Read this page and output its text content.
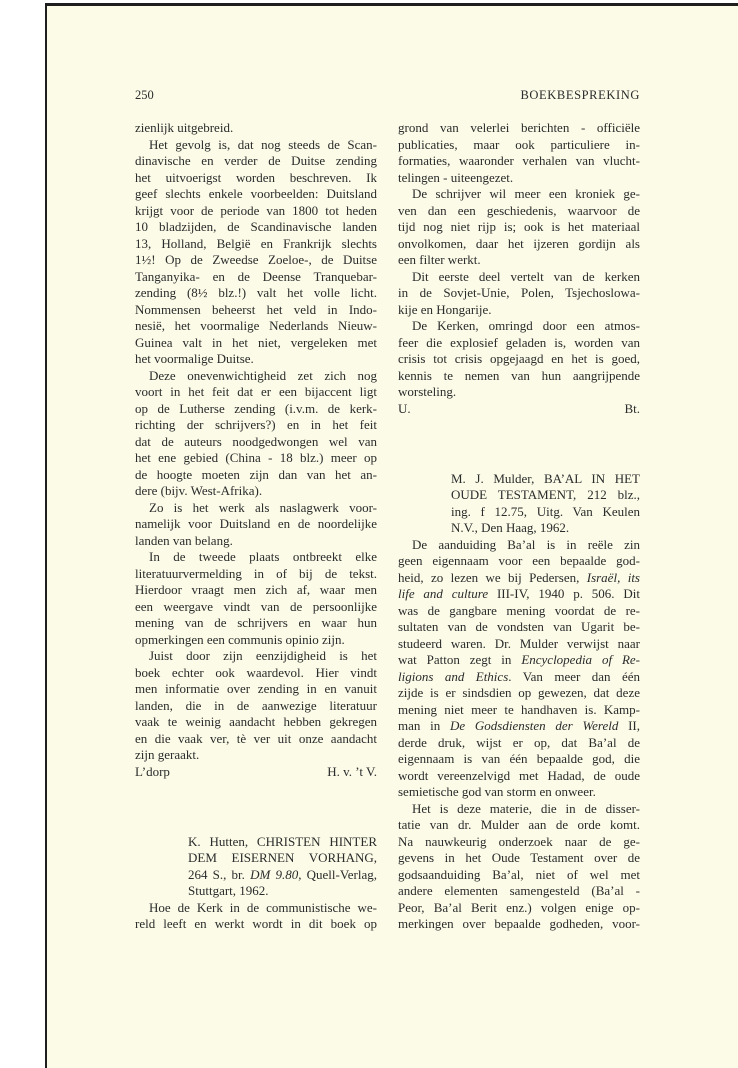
250	BOEKBESPREKING
zienlijk uitgebreid.
Het gevolg is, dat nog steeds de Scan-
dinavische en verder de Duitse zending
het uitvoerigst worden beschreven. Ik
geef slechts enkele voorbeelden: Duitsland
krijgt voor de periode van 1800 tot heden
10 bladzijden, de Scandinavische landen
13, Holland, België en Frankrijk slechts
1½! Op de Zweedse Zoeloe-, de Duitse
Tanganyika- en de Deense Tranquebar-
zending (8½ blz.!) valt het volle licht.
Nommensen beheerst het veld in Indo-
nesië, het voormalige Nederlands Nieuw-
Guinea valt in het niet, vergeleken met
het voormalige Duitse.
Deze onevenwichtigheid zet zich nog
voort in het feit dat er een bijaccent ligt
op de Lutherse zending (i.v.m. de kerk-
richting der schrijvers?) en in het feit
dat de auteurs noodgedwongen wel van
het ene gebied (China - 18 blz.) meer op
de hoogte moeten zijn dan van het an-
dere (bijv. West-Afrika).
Zo is het werk als naslagwerk voor-
namelijk voor Duitsland en de noordelijke
landen van belang.
In de tweede plaats ontbreekt elke
literatuurvermelding in of bij de tekst.
Hierdoor vraagt men zich af, waar men
een weergave vindt van de persoonlijke
mening van de schrijvers en waar hun
opmerkingen een communis opinio zijn.
Juist door zijn eenzijdigheid is het
boek echter ook waardevol. Hier vindt
men informatie over zending in en vanuit
landen, die in de aanwezige literatuur
vaak te weinig aandacht hebben gekregen
en die vaak ver, tè ver uit onze aandacht
zijn geraakt.
L’dorp	H. v. ’t V.
K. Hutten, CHRISTEN HINTER
DEM EISERNEN VORHANG,
264 S., br. DM 9.80, Quell-Verlag,
Stuttgart, 1962.
Hoe de Kerk in de communistische we-
reld leeft en werkt wordt in dit boek op
grond van velerlei berichten - officiële
publicaties, maar ook particuliere in-
formaties, waaronder verhalen van vlucht-
telingen - uiteengezet.
De schrijver wil meer een kroniek ge-
ven dan een geschiedenis, waarvoor de
tijd nog niet rijp is; ook is het materiaal
onvolkomen, daar het ijzeren gordijn als
een filter werkt.
Dit eerste deel vertelt van de kerken
in de Sovjet-Unie, Polen, Tsjechoslowa-
kije en Hongarije.
De Kerken, omringd door een atmos-
feer die explosief geladen is, worden van
crisis tot crisis opgejaagd en het is goed,
kennis te nemen van hun aangrijpende
worsteling.
U.	Bt.
M. J. Mulder, BA’AL IN HET
OUDE TESTAMENT, 212 blz.,
ing. f 12.75, Uitg. Van Keulen
N.V., Den Haag, 1962.
De aanduiding Ba’al is in reële zin
geen eigennaam voor een bepaalde god-
heid, zo lezen we bij Pedersen, Israël, its
life and culture III-IV, 1940 p. 506. Dit
was de gangbare mening voordat de re-
sultaten van de vondsten van Ugarit be-
studeerd waren. Dr. Mulder verwijst naar
wat Patton zegt in Encyclopedia of Re-
ligions and Ethics. Van meer dan één
zijde is er sindsdien op gewezen, dat deze
mening niet meer te handhaven is. Kamp-
man in De Godsdiensten der Wereld II,
derde druk, wijst er op, dat Ba’al de
eigennaam is van één bepaalde god, die
wordt vereenzelvigd met Hadad, de oude
semietische god van storm en onweer.
Het is deze materie, die in de disser-
tatie van dr. Mulder aan de orde komt.
Na nauwkeurig onderzoek naar de ge-
gevens in het Oude Testament over de
godsaanduiding Ba’al, niet of wel met
andere elementen samengesteld (Ba’al -
Peor, Ba’al Berit enz.) volgen enige op-
merkingen over bepaalde godheden, voor-
